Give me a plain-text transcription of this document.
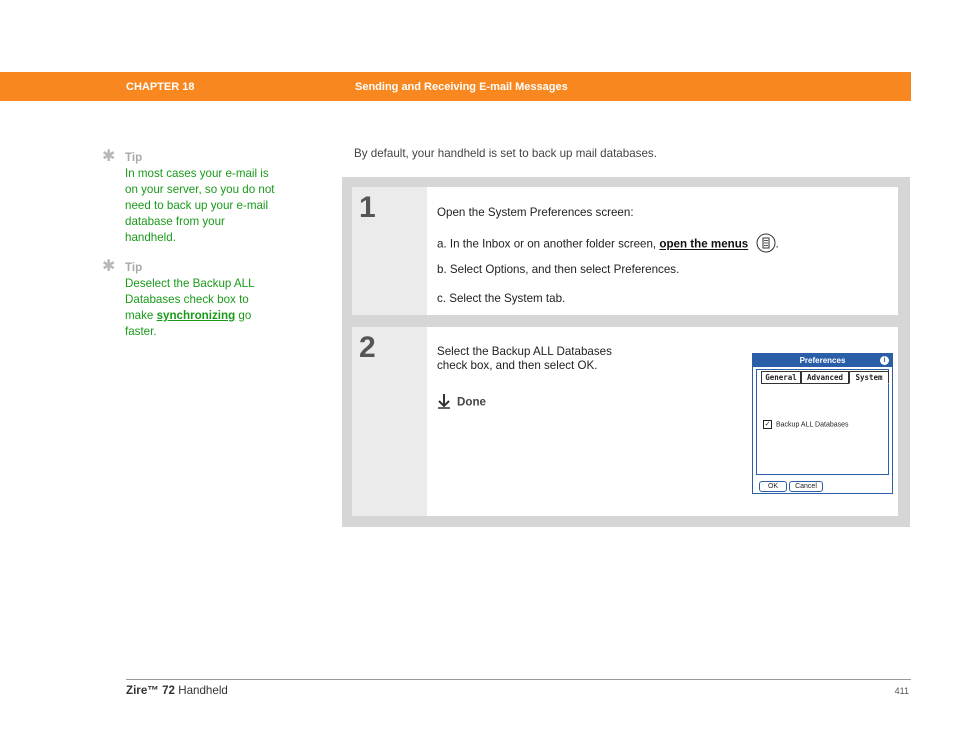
CHAPTER 18	Sending and Receiving E-mail Messages
✱ Tip
In most cases your e-mail is on your server, so you do not need to back up your e-mail database from your handheld.
✱ Tip
Deselect the Backup ALL Databases check box to make synchronizing go faster.
By default, your handheld is set to back up mail databases.
1	Open the System Preferences screen:
a. In the Inbox or on another folder screen, open the menus .
b. Select Options, and then select Preferences.
c. Select the System tab.
2	Select the Backup ALL Databases
check box, and then select OK.
Done
Preferences	i
General	Advanced	System
✓ Backup ALL Databases
OK	Cancel
Zire™ 72 Handheld	411
